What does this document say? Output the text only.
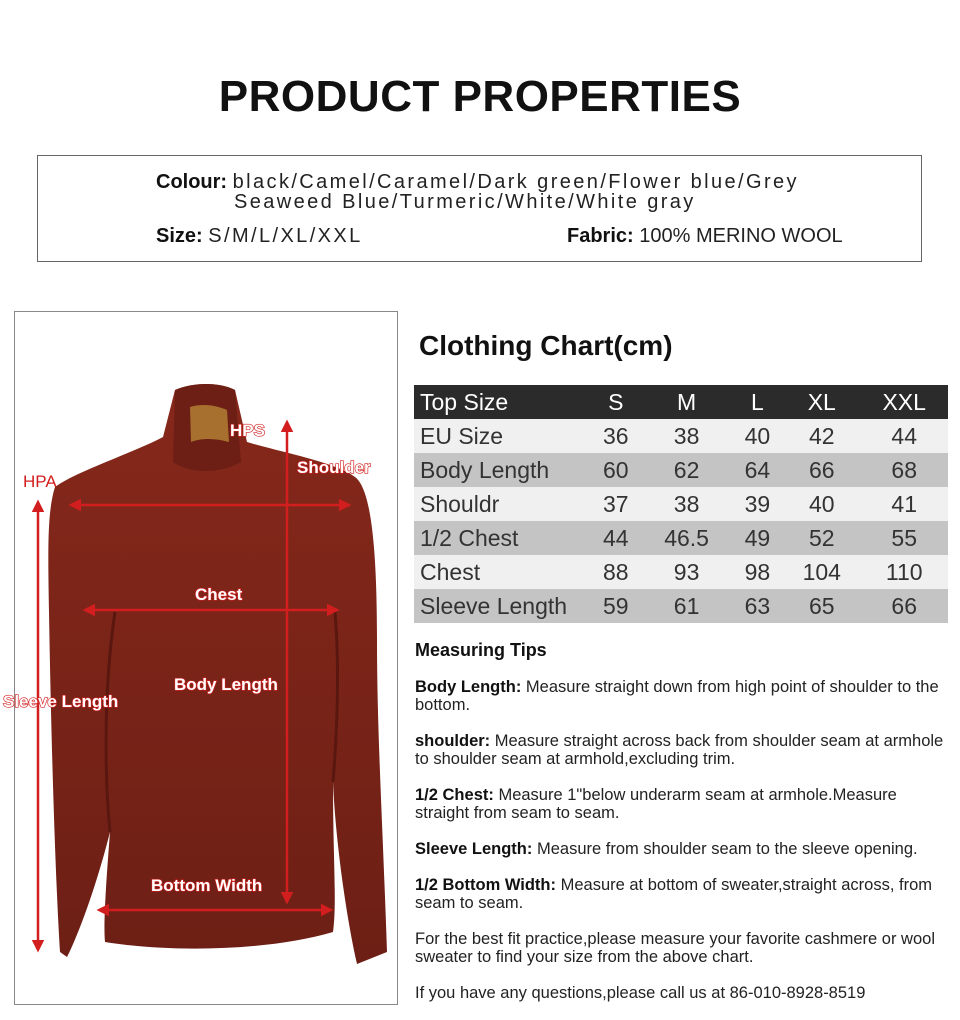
PRODUCT PROPERTIES
Colour: black/Camel/Caramel/Dark green/Flower blue/Grey
Seaweed Blue/Turmeric/White/White gray
Size: S/M/L/XL/XXL	Fabric: 100% MERINO WOOL
HPS
HPA
Shoulder
Chest
Body Length
Sleeve Length
Bottom Width
Clothing Chart(cm)
Top Size	S	M	L	XL	XXL
EU Size	36	38	40	42	44
Body Length	60	62	64	66	68
Shouldr	37	38	39	40	41
1/2 Chest	44	46.5	49	52	55
Chest	88	93	98	104	110
Sleeve Length	59	61	63	65	66
Measuring Tips

Body Length: Measure straight down from high point of shoulder to the bottom.

shoulder: Measure straight across back from shoulder seam at armhole to shoulder seam at armhold,excluding trim.

1/2 Chest: Measure 1"below underarm seam at armhole.Measure straight from seam to seam.

Sleeve Length: Measure from shoulder seam to the sleeve opening.

1/2 Bottom Width: Measure at bottom of sweater,straight across, from seam to seam.

For the best fit practice,please measure your favorite cashmere or wool sweater to find your size from the above chart.

If you have any questions,please call us at 86-010-8928-8519
